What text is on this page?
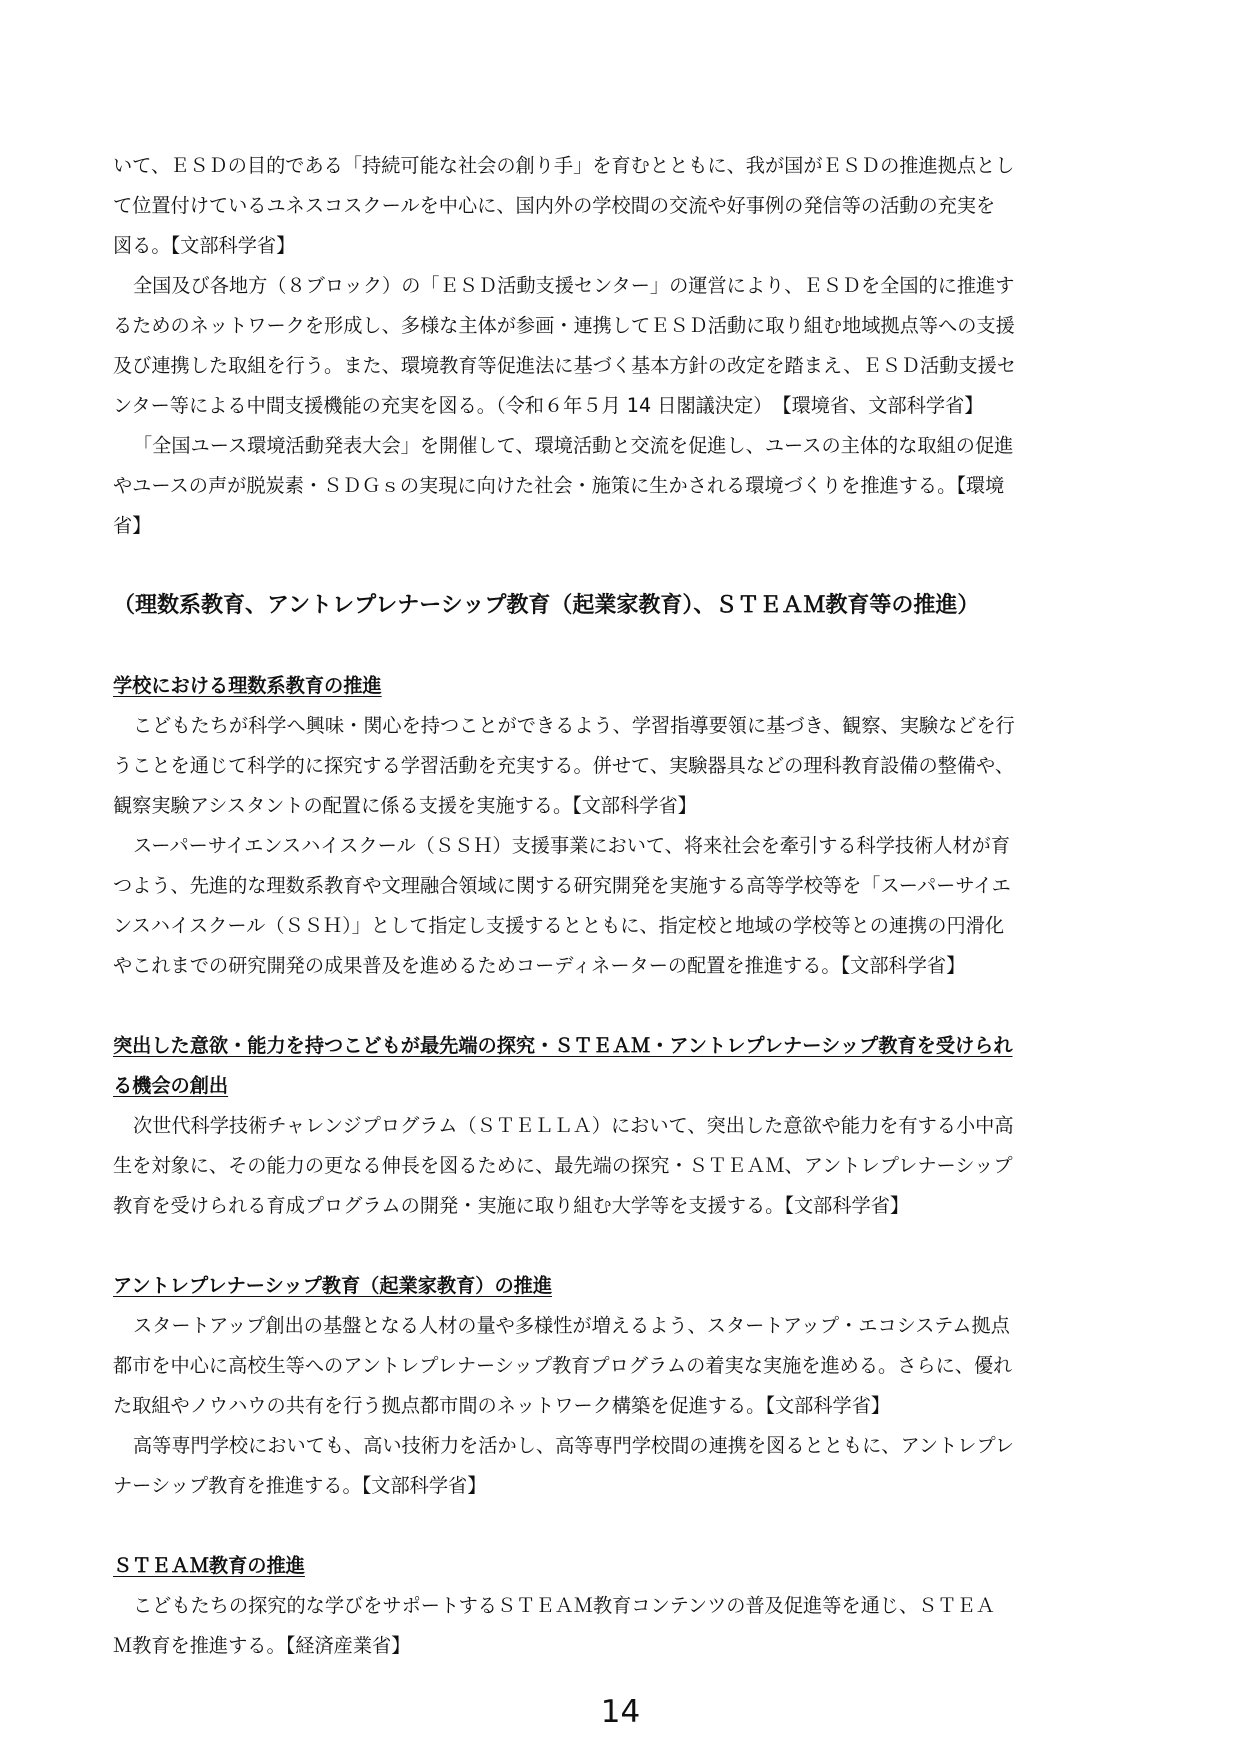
いて、ＥＳＤの目的である「持続可能な社会の創り手」を育むとともに、我が国がＥＳＤの推進拠点とし
て位置付けているユネスコスクールを中心に、国内外の学校間の交流や好事例の発信等の活動の充実を
図る。【文部科学省】
全国及び各地方（８ブロック）の「ＥＳＤ活動支援センター」の運営により、ＥＳＤを全国的に推進す
るためのネットワークを形成し、多様な主体が参画・連携してＥＳＤ活動に取り組む地域拠点等への支援
及び連携した取組を行う。また、環境教育等促進法に基づく基本方針の改定を踏まえ、ＥＳＤ活動支援セ
ンター等による中間支援機能の充実を図る。（令和６年５月 14 日閣議決定）　【環境省、文部科学省】
「全国ユース環境活動発表大会」を開催して、環境活動と交流を促進し、ユースの主体的な取組の促進
やユースの声が脱炭素・ＳＤＧｓの実現に向けた社会・施策に生かされる環境づくりを推進する。【環境
省】
（理数系教育、アントレプレナーシップ教育（起業家教育）、ＳＴＥＡＭ教育等の推進）
学校における理数系教育の推進
こどもたちが科学へ興味・関心を持つことができるよう、学習指導要領に基づき、観察、実験などを行
うことを通じて科学的に探究する学習活動を充実する。併せて、実験器具などの理科教育設備の整備や、
観察実験アシスタントの配置に係る支援を実施する。【文部科学省】
スーパーサイエンスハイスクール（ＳＳＨ）支援事業において、将来社会を牽引する科学技術人材が育
つよう、先進的な理数系教育や文理融合領域に関する研究開発を実施する高等学校等を「スーパーサイエ
ンスハイスクール（ＳＳＨ）」として指定し支援するとともに、指定校と地域の学校等との連携の円滑化
やこれまでの研究開発の成果普及を進めるためコーディネーターの配置を推進する。【文部科学省】
突出した意欲・能力を持つこどもが最先端の探究・ＳＴＥＡＭ・アントレプレナーシップ教育を受けられ
る機会の創出
次世代科学技術チャレンジプログラム（ＳＴＥＬＬＡ）において、突出した意欲や能力を有する小中高
生を対象に、その能力の更なる伸長を図るために、最先端の探究・ＳＴＥＡＭ、アントレプレナーシップ
教育を受けられる育成プログラムの開発・実施に取り組む大学等を支援する。【文部科学省】
アントレプレナーシップ教育（起業家教育）の推進
スタートアップ創出の基盤となる人材の量や多様性が増えるよう、スタートアップ・エコシステム拠点
都市を中心に高校生等へのアントレプレナーシップ教育プログラムの着実な実施を進める。さらに、優れ
た取組やノウハウの共有を行う拠点都市間のネットワーク構築を促進する。【文部科学省】
高等専門学校においても、高い技術力を活かし、高等専門学校間の連携を図るとともに、アントレプレ
ナーシップ教育を推進する。【文部科学省】
ＳＴＥＡＭ教育の推進
こどもたちの探究的な学びをサポートするＳＴＥＡＭ教育コンテンツの普及促進等を通じ、ＳＴＥＡ
Ｍ教育を推進する。【経済産業省】
14
